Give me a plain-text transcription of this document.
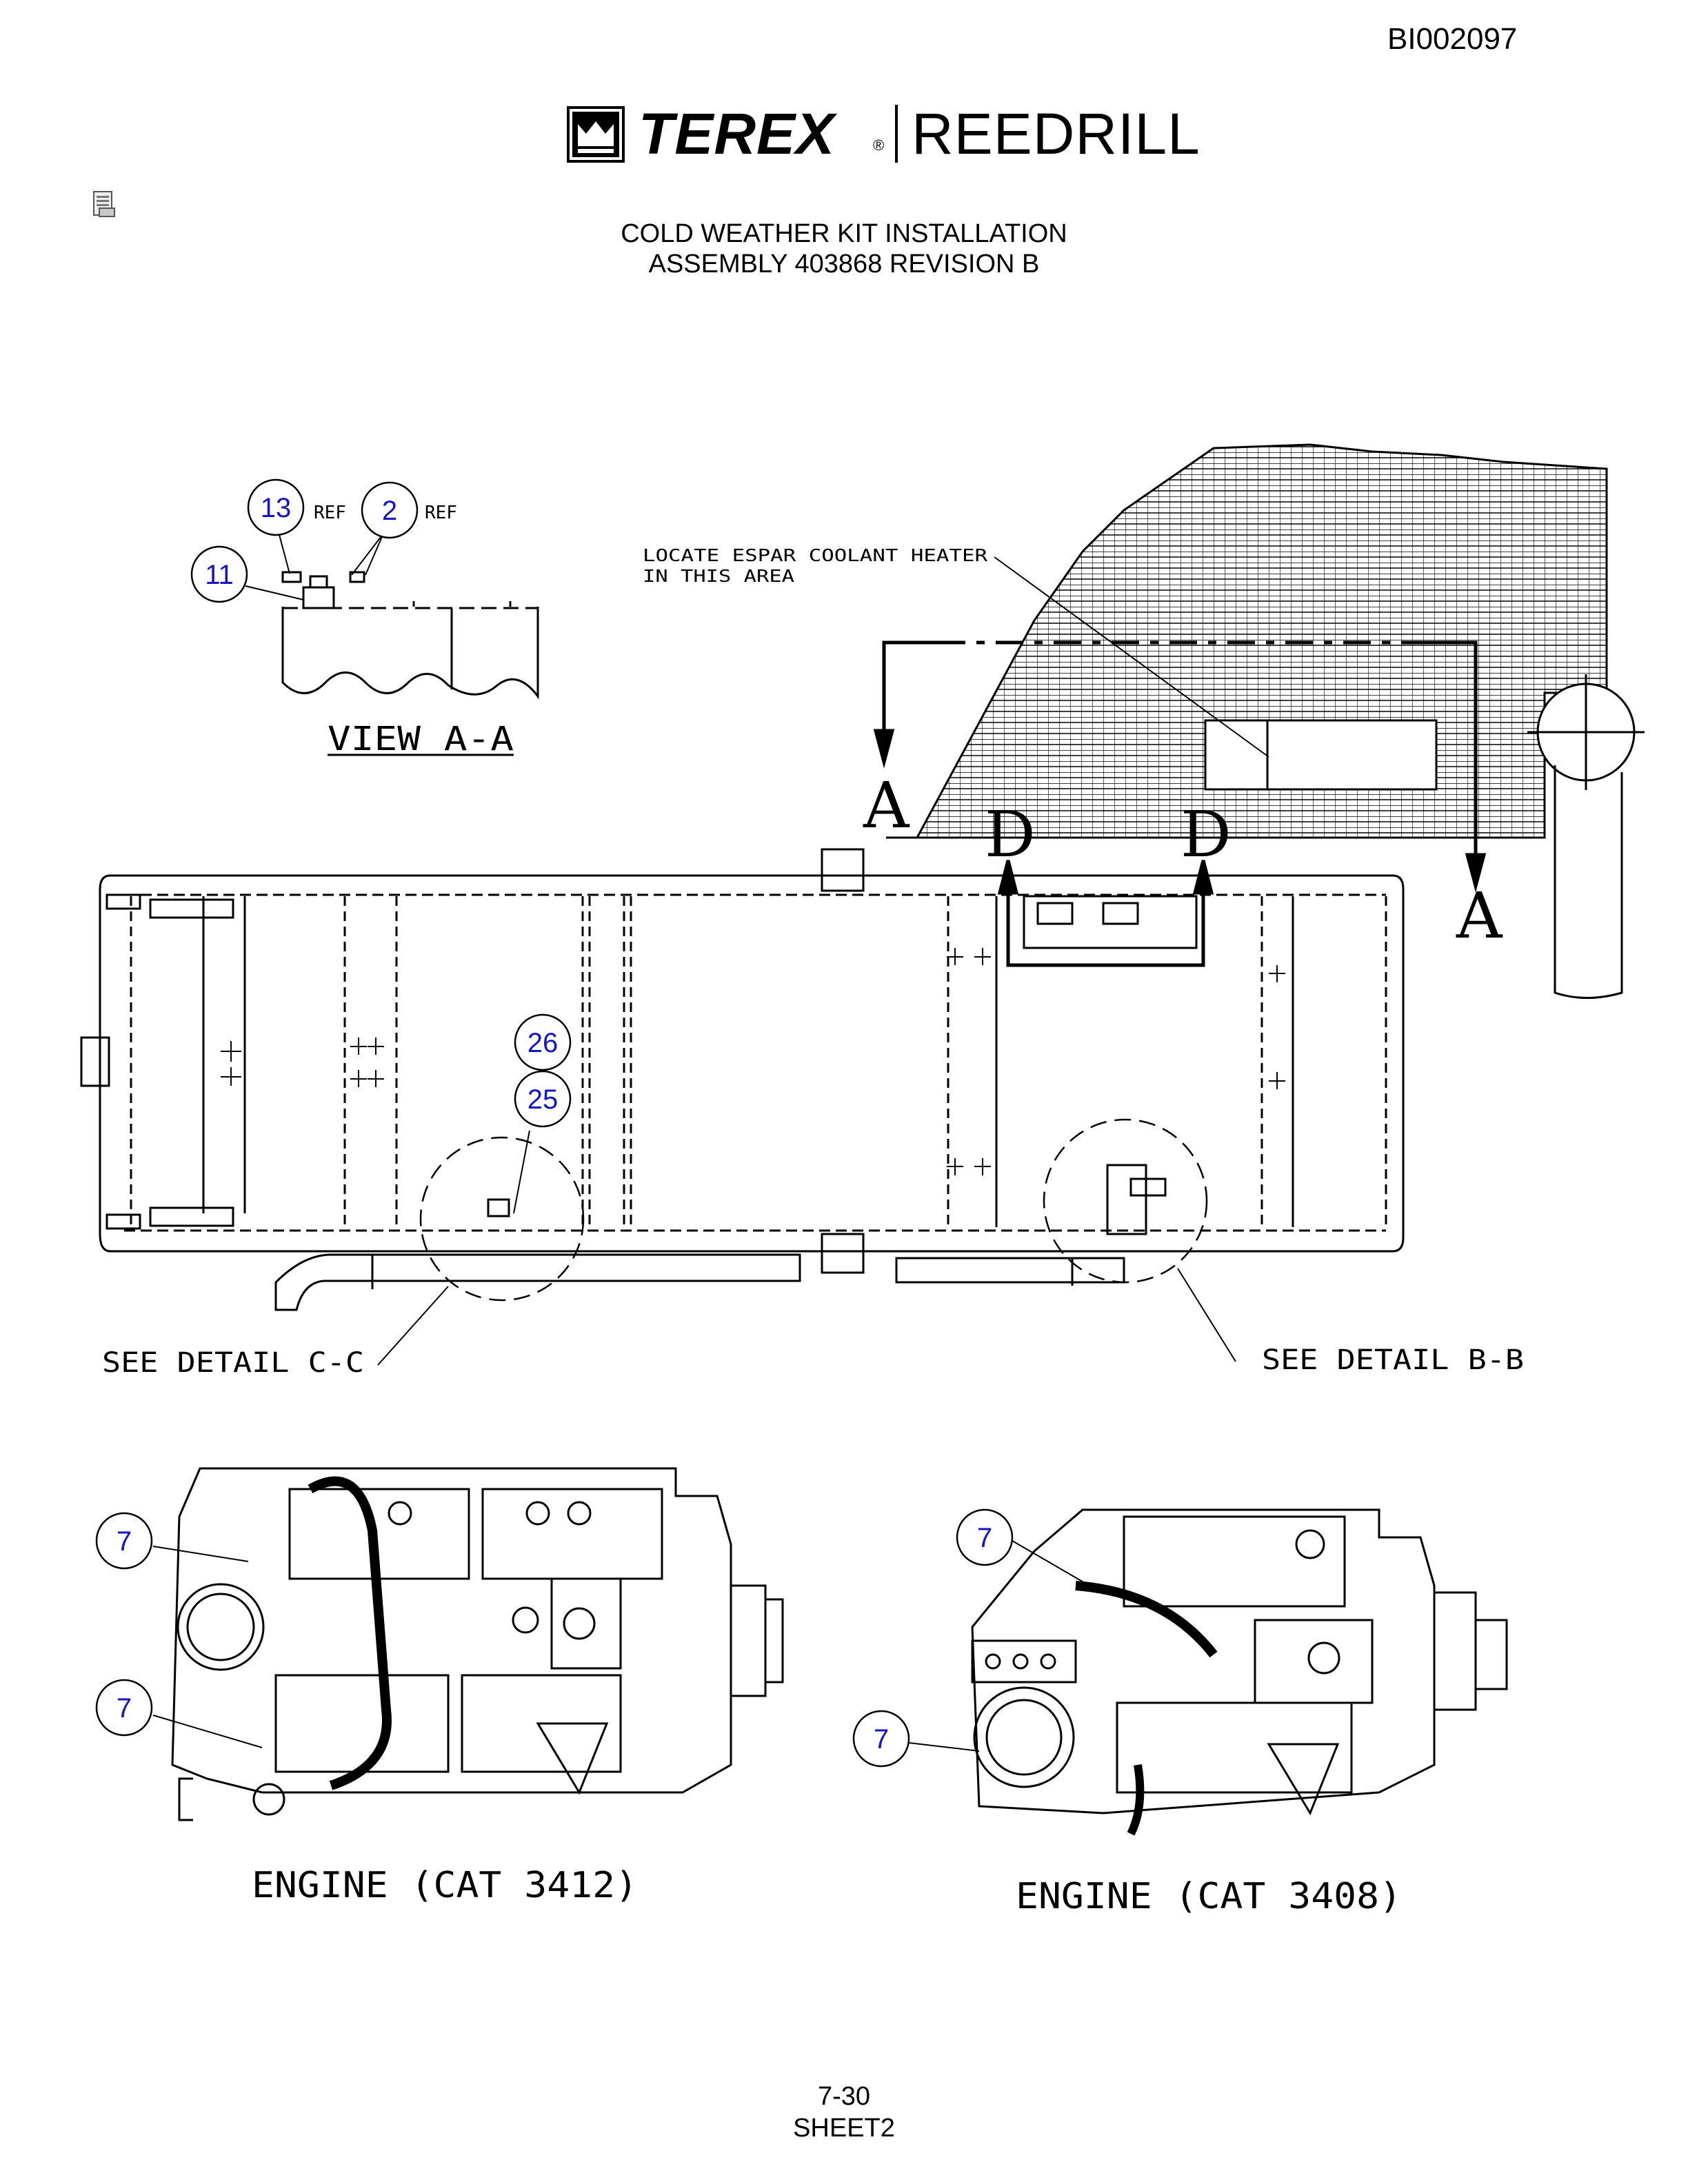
BI002097
TEREX ® REEDRILL
COLD WEATHER KIT INSTALLATION
ASSEMBLY 403868 REVISION B
REF	REF
VIEW A-A
LOCATE ESPAR COOLANT HEATER
IN THIS AREA
SEE DETAIL C-C	SEE DETAIL B-B
ENGINE (CAT 3412)	ENGINE (CAT 3408)
A
A
D D
13	2
11
26
25
7
7
7
7
7-30
SHEET2
